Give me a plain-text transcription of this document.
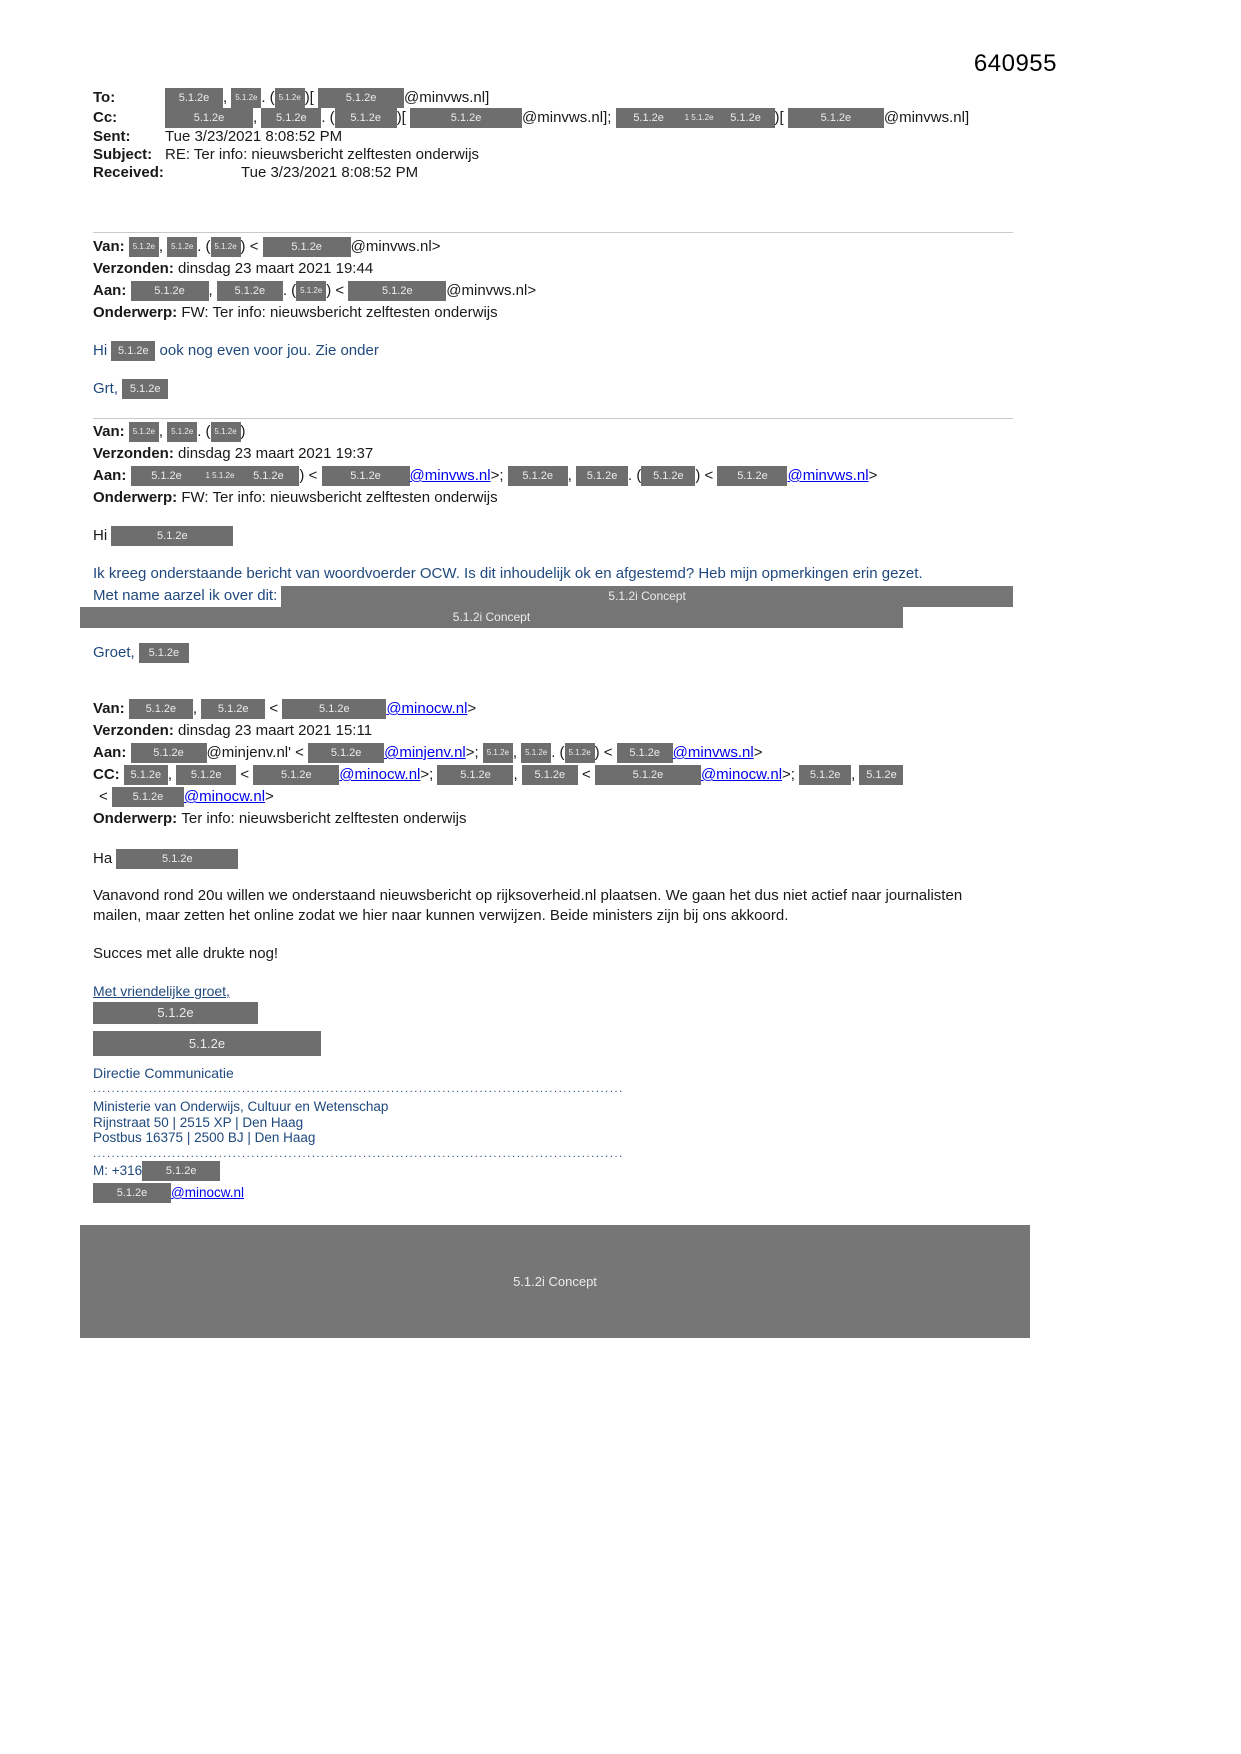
640955
To:	5.1.2e , 5.1.2e . ( 5.1.2e )[	5.1.2e @minvws.nl]
Cc:	5.1.2e , 5.1.2e . ( 5.1.2e )[	5.1.2e	@minvws.nl]; 5.1.2e	1 5.1.2e 5.1.2e )[	5.1.2e @minvws.nl]
Sent: Tue 3/23/2021 8:08:52 PM
Subject: RE: Ter info: nieuwsbericht zelftesten onderwijs
Received:	Tue 3/23/2021 8:08:52 PM
Van: 5.1.2e , 5.1.2e . ( 5.1.2e ) <	5.1.2e @minvws.nl>
Verzonden: dinsdag 23 maart 2021 19:44
Aan: 5.1.2e , 5.1.2e . ( 5.1.2e ) <	5.1.2e @minvws.nl>
Onderwerp: FW: Ter info: nieuwsbericht zelftesten onderwijs
Hi 5.1.2e ook nog even voor jou. Zie onder
Grt, 5.1.2e
Van: 5.1.2e , 5.1.2e . ( 5.1.2e )
Verzonden: dinsdag 23 maart 2021 19:37
Aan: 5.1.2e	1 5.1.2e 5.1.2e ) <	5.1.2e @minvws.nl>; 5.1.2e , 5.1.2e . ( 5.1.2e ) < 5.1.2e @minvws.nl>
Onderwerp: FW: Ter info: nieuwsbericht zelftesten onderwijs
Hi	5.1.2e
Ik kreeg onderstaande bericht van woordvoerder OCW. Is dit inhoudelijk ok en afgestemd? Heb mijn opmerkingen erin gezet.
Met name aarzel ik over dit:	5.1.2i Concept
5.1.2i Concept
Groet, 5.1.2e
Van: 5.1.2e , 5.1.2e <	5.1.2e @minocw.nl>
Verzonden: dinsdag 23 maart 2021 15:11
Aan: 5.1.2e @minjenv.nl' < 5.1.2e @minjenv.nl>; 5.1.2e , 5.1.2e . ( 5.1.2e ) < 5.1.2e @minvws.nl>
CC: 5.1.2e , 5.1.2e <	5.1.2e @minocw.nl>; 5.1.2e , 5.1.2e <	5.1.2e	@minocw.nl>; 5.1.2e , 5.1.2e
< 5.1.2e @minocw.nl>
Onderwerp: Ter info: nieuwsbericht zelftesten onderwijs
Ha	5.1.2e
Vanavond rond 20u willen we onderstaand nieuwsbericht op rijksoverheid.nl plaatsen. We gaan het dus niet actief naar journalisten mailen, maar zetten het online zodat we hier naar kunnen verwijzen. Beide ministers zijn bij ons akkoord.
Succes met alle drukte nog!
Met vriendelijke groet,
5.1.2e
5.1.2e
Directie Communicatie
..................................................................................................................
Ministerie van Onderwijs, Cultuur en Wetenschap
Rijnstraat 50 | 2515 XP | Den Haag
Postbus 16375 | 2500 BJ | Den Haag
..................................................................................................................
M: +316 5.1.2e
5.1.2e @minocw.nl
5.1.2i Concept
